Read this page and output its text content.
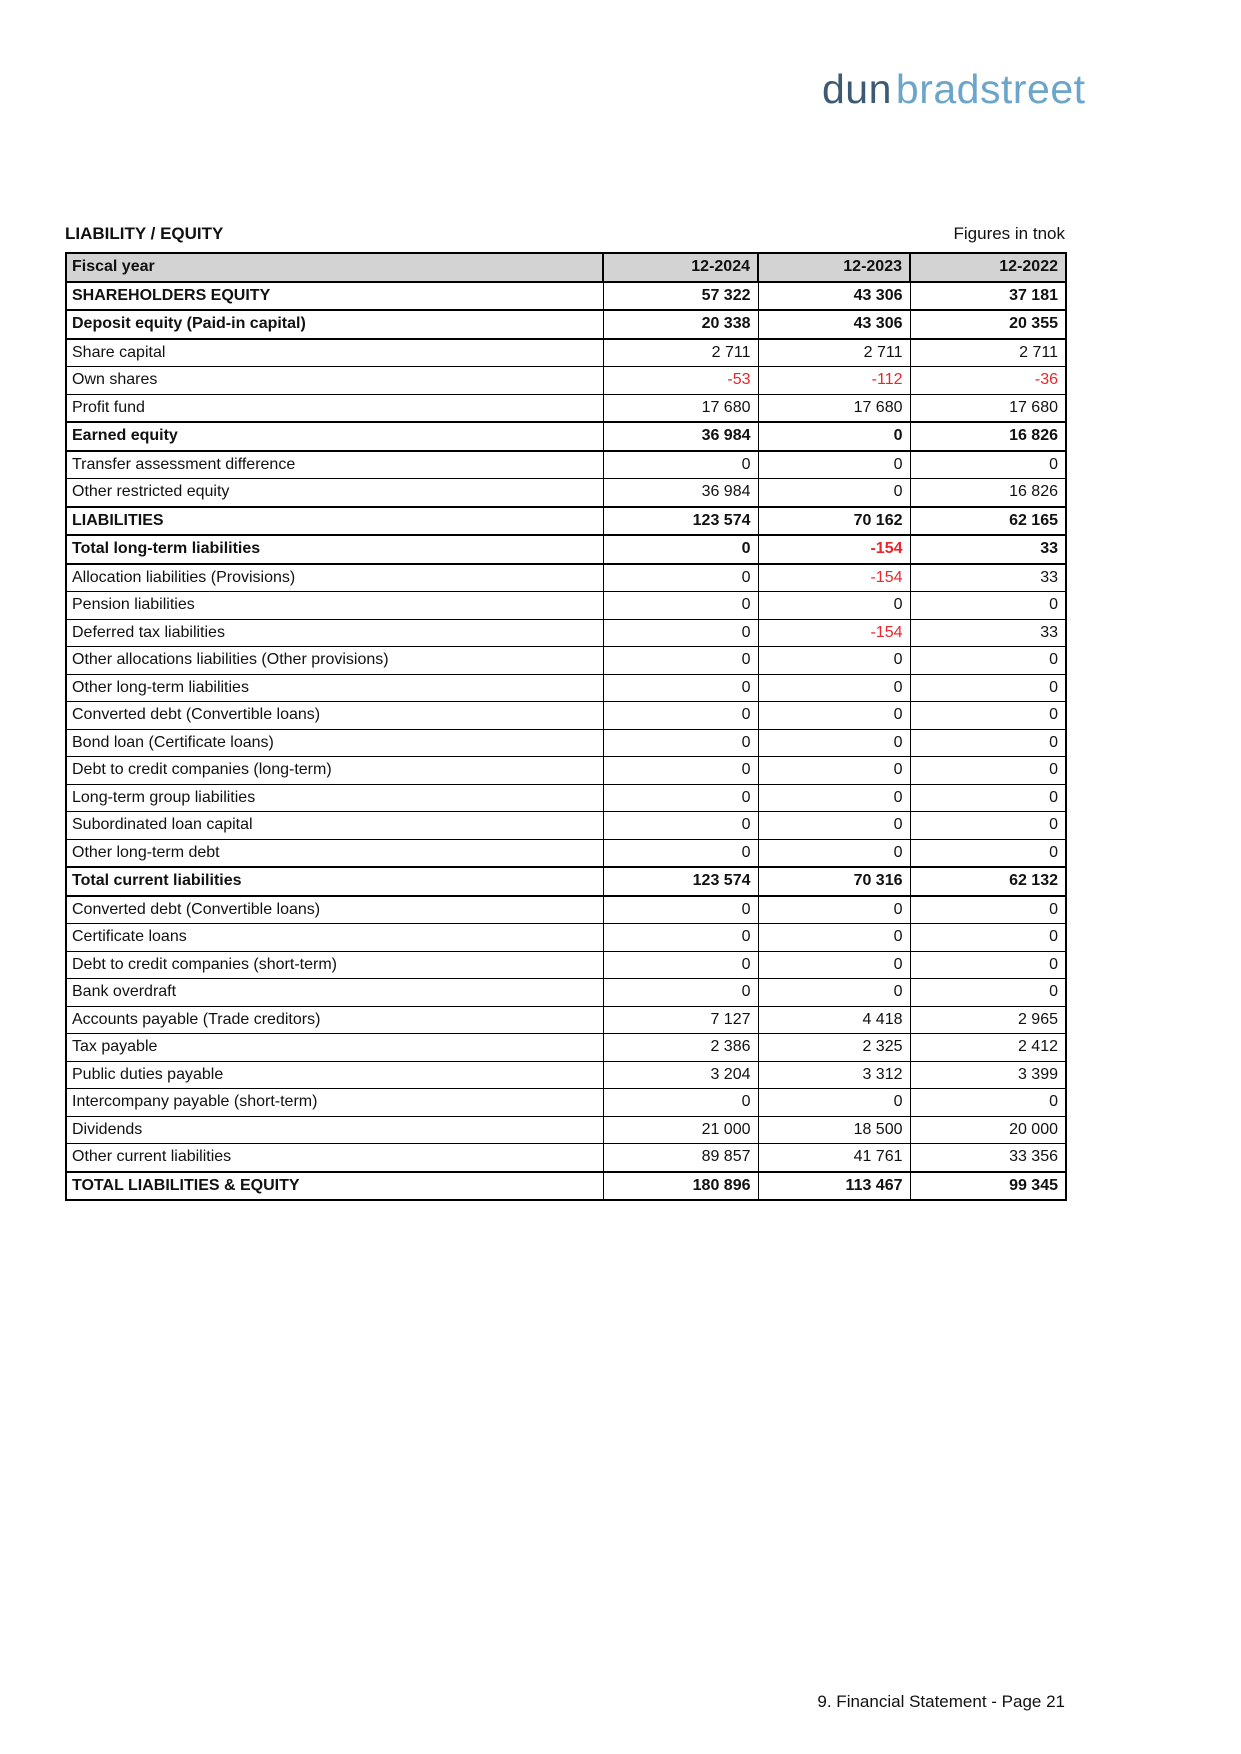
dun bradstreet
LIABILITY / EQUITY	Figures in tnok
Fiscal year	12-2024	12-2023	12-2022
SHAREHOLDERS EQUITY	57 322	43 306	37 181
Deposit equity (Paid-in capital)	20 338	43 306	20 355
Share capital	2 711	2 711	2 711
Own shares	-53	-112	-36
Profit fund	17 680	17 680	17 680
Earned equity	36 984	0	16 826
Transfer assessment difference	0	0	0
Other restricted equity	36 984	0	16 826
LIABILITIES	123 574	70 162	62 165
Total long-term liabilities	0	-154	33
Allocation liabilities (Provisions)	0	-154	33
Pension liabilities	0	0	0
Deferred tax liabilities	0	-154	33
Other allocations liabilities (Other provisions)	0	0	0
Other long-term liabilities	0	0	0
Converted debt (Convertible loans)	0	0	0
Bond loan (Certificate loans)	0	0	0
Debt to credit companies (long-term)	0	0	0
Long-term group liabilities	0	0	0
Subordinated loan capital	0	0	0
Other long-term debt	0	0	0
Total current liabilities	123 574	70 316	62 132
Converted debt (Convertible loans)	0	0	0
Certificate loans	0	0	0
Debt to credit companies (short-term)	0	0	0
Bank overdraft	0	0	0
Accounts payable (Trade creditors)	7 127	4 418	2 965
Tax payable	2 386	2 325	2 412
Public duties payable	3 204	3 312	3 399
Intercompany payable (short-term)	0	0	0
Dividends	21 000	18 500	20 000
Other current liabilities	89 857	41 761	33 356
TOTAL LIABILITIES & EQUITY	180 896	113 467	99 345
9. Financial Statement - Page 21
